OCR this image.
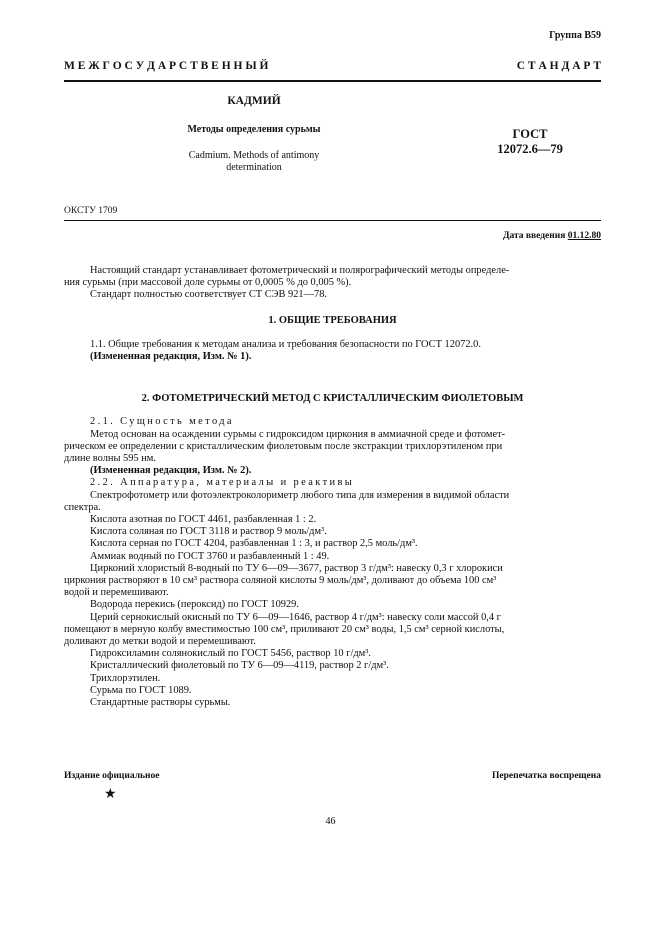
Группа В59
М Е Ж Г О С У Д А Р С Т В Е Н Н Ы Й	С Т А Н Д А Р Т
КАДМИЙ
Методы определения сурьмы
Cadmium. Methods of antimony
determination
ГОСТ
12072.6—79
ОКСТУ 1709
Дата введения 01.12.80

Настоящий стандарт устанавливает фотометрический и полярографический методы определе-

ния сурьмы (при массовой доле сурьмы от 0,0005 % до 0,005 %).

Стандарт полностью соответствует СТ СЭВ 921—78.

1. ОБЩИЕ ТРЕБОВАНИЯ

1.1. Общие требования к методам анализа и требования безопасности по ГОСТ 12072.0.

(Измененная редакция, Изм. № 1).

2. ФОТОМЕТРИЧЕСКИЙ МЕТОД С КРИСТАЛЛИЧЕСКИМ ФИОЛЕТОВЫМ

2.1. Сущность метода

Метод основан на осаждении сурьмы с гидроксидом циркония в аммиачной среде и фотомет-

рическом ее определении с кристаллическим фиолетовым после экстракции трихлорэтиленом при

длине волны 595 нм.

(Измененная редакция, Изм. № 2).

2.2. Аппаратура, материалы и реактивы

Спектрофотометр или фотоэлектроколориметр любого типа для измерения в видимой области

спектра.

Кислота азотная по ГОСТ 4461, разбавленная 1 : 2.

Кислота соляная по ГОСТ 3118 и раствор 9 моль/дм³.

Кислота серная по ГОСТ 4204, разбавленная 1 : 3, и раствор 2,5 моль/дм³.

Аммиак водный по ГОСТ 3760 и разбавленный 1 : 49.

Цирконий хлористый 8-водный по ТУ 6—09—3677, раствор 3 г/дм³: навеску 0,3 г хлорокиси

циркония растворяют в 10 см³ раствора соляной кислоты 9 моль/дм³, доливают до объема 100 см³

водой и перемешивают.

Водорода перекись (пероксид) по ГОСТ 10929.

Церий сернокислый окисный по ТУ 6—09—1646, раствор 4 г/дм³: навеску соли массой 0,4 г

помещают в мерную колбу вместимостью 100 см³, приливают 20 см³ воды, 1,5 см³ серной кислоты,

доливают до метки водой и перемешивают.

Гидроксиламин солянокислый по ГОСТ 5456, раствор 10 г/дм³.

Кристаллический фиолетовый по ТУ 6—09—4119, раствор 2 г/дм³.

Трихлорэтилен.

Сурьма по ГОСТ 1089.

Стандартные растворы сурьмы.

Издание официальное	Перепечатка воспрещена
★
46
